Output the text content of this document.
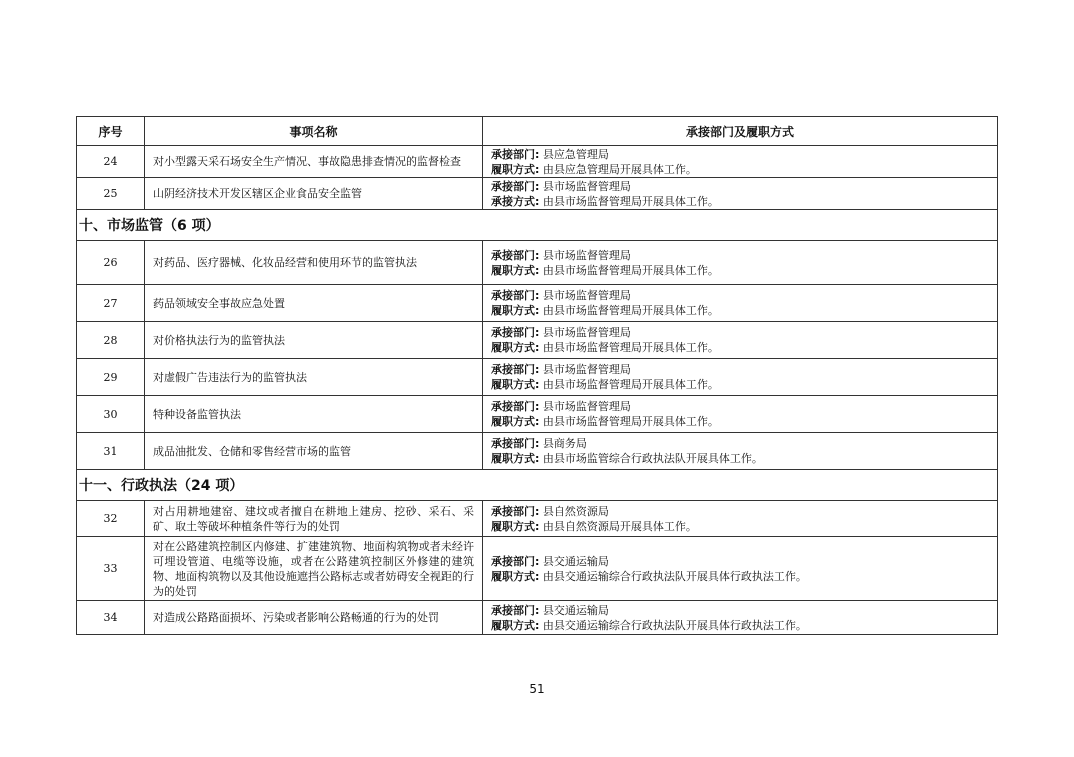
序号	事项名称	承接部门及履职方式
24	对小型露天采石场安全生产情况、事故隐患排查情况的监督检查	承接部门: 县应急管理局
履职方式: 由县应急管理局开展具体工作。

25	山阴经济技术开发区辖区企业食品安全监管	承接部门: 县市场监督管理局
承接方式: 由县市场监督管理局开展具体工作。

十、市场监管（6 项）		
26	对药品、医疗器械、化妆品经营和使用环节的监管执法	承接部门: 县市场监督管理局
履职方式: 由县市场监督管理局开展具体工作。

27	药品领域安全事故应急处置	承接部门: 县市场监督管理局
履职方式: 由县市场监督管理局开展具体工作。

28	对价格执法行为的监管执法	承接部门: 县市场监督管理局
履职方式: 由县市场监督管理局开展具体工作。

29	对虚假广告违法行为的监管执法	承接部门: 县市场监督管理局
履职方式: 由县市场监督管理局开展具体工作。

30	特种设备监管执法	承接部门: 县市场监督管理局
履职方式: 由县市场监督管理局开展具体工作。

31	成品油批发、仓储和零售经营市场的监管	承接部门: 县商务局
履职方式: 由县市场监管综合行政执法队开展具体工作。

十一、行政执法（24 项）		
32	对占用耕地建窑、建坟或者擅自在耕地上建房、挖砂、采石、采矿、取土等破坏种植条件等行为的处罚	承接部门: 县自然资源局
履职方式: 由县自然资源局开展具体工作。

33	对在公路建筑控制区内修建、扩建建筑物、地面构筑物或者未经许可埋设管道、电缆等设施，或者在公路建筑控制区外修建的建筑物、地面构筑物以及其他设施遮挡公路标志或者妨碍安全视距的行为的处罚	承接部门: 县交通运输局
履职方式: 由县交通运输综合行政执法队开展具体行政执法工作。

34	对造成公路路面损坏、污染或者影响公路畅通的行为的处罚	承接部门: 县交通运输局
履职方式: 由县交通运输综合行政执法队开展具体行政执法工作。
51
